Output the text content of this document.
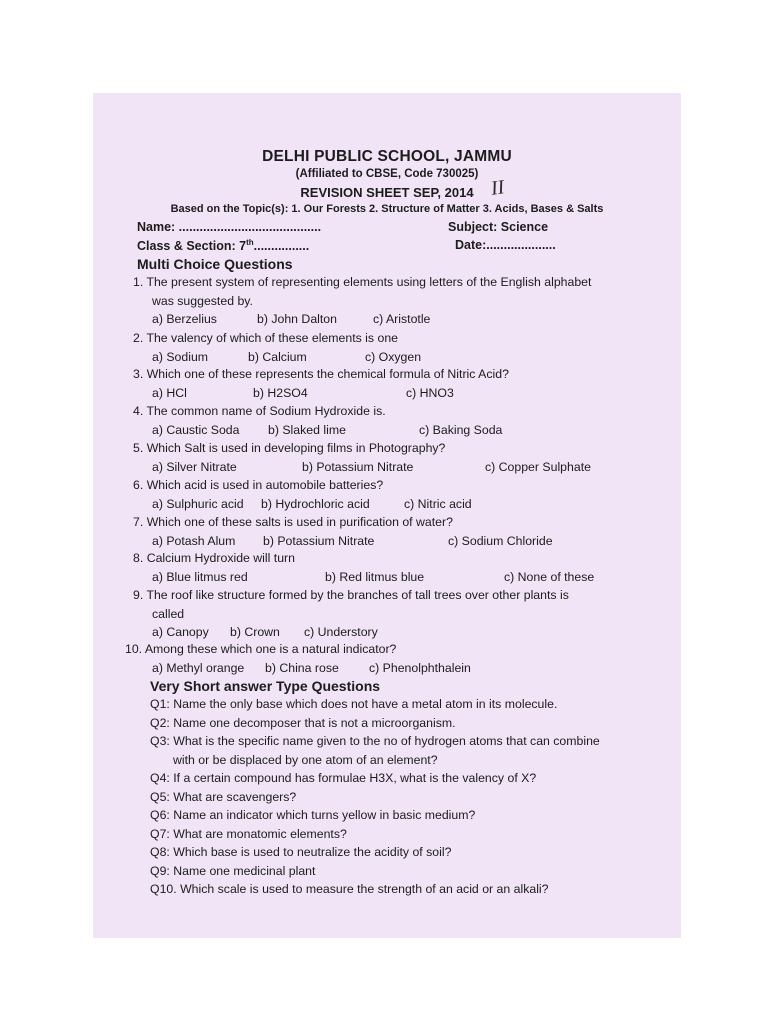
DELHI PUBLIC SCHOOL, JAMMU
(Affiliated to CBSE, Code 730025)
REVISION SHEET SEP, 2014 II
Based on the Topic(s): 1. Our Forests 2. Structure of Matter 3. Acids, Bases & Salts
Name: .........................................	Subject: Science
Class & Section: 7th................	Date:....................
Multi Choice Questions
1. The present system of representing elements using letters of the English alphabet
was suggested by.
a) Berzelius	b) John Dalton	c) Aristotle
2. The valency of which of these elements is one
a) Sodium	b) Calcium	c) Oxygen
3. Which one of these represents the chemical formula of Nitric Acid?
a) HCl	b) H2SO4	c) HNO3
4. The common name of Sodium Hydroxide is.
a) Caustic Soda b) Slaked lime	c) Baking Soda
5. Which Salt is used in developing films in Photography?
a) Silver Nitrate	b) Potassium Nitrate	c) Copper Sulphate
6. Which acid is used in automobile batteries?
a) Sulphuric acid b) Hydrochloric acid	c) Nitric acid
7. Which one of these salts is used in purification of water?
a) Potash Alum b) Potassium Nitrate	c) Sodium Chloride
8. Calcium Hydroxide will turn
a) Blue litmus red	b) Red litmus blue	c) None of these
9. The roof like structure formed by the branches of tall trees over other plants is
called
a) Canopy b) Crown c) Understory
10. Among these which one is a natural indicator?
a) Methyl orange b) China rose c) Phenolphthalein
Very Short answer Type Questions
Q1: Name the only base which does not have a metal atom in its molecule.
Q2: Name one decomposer that is not a microorganism.
Q3: What is the specific name given to the no of hydrogen atoms that can combine
with or be displaced by one atom of an element?
Q4: If a certain compound has formulae H3X, what is the valency of X?
Q5: What are scavengers?
Q6: Name an indicator which turns yellow in basic medium?
Q7: What are monatomic elements?
Q8: Which base is used to neutralize the acidity of soil?
Q9: Name one medicinal plant
Q10. Which scale is used to measure the strength of an acid or an alkali?
